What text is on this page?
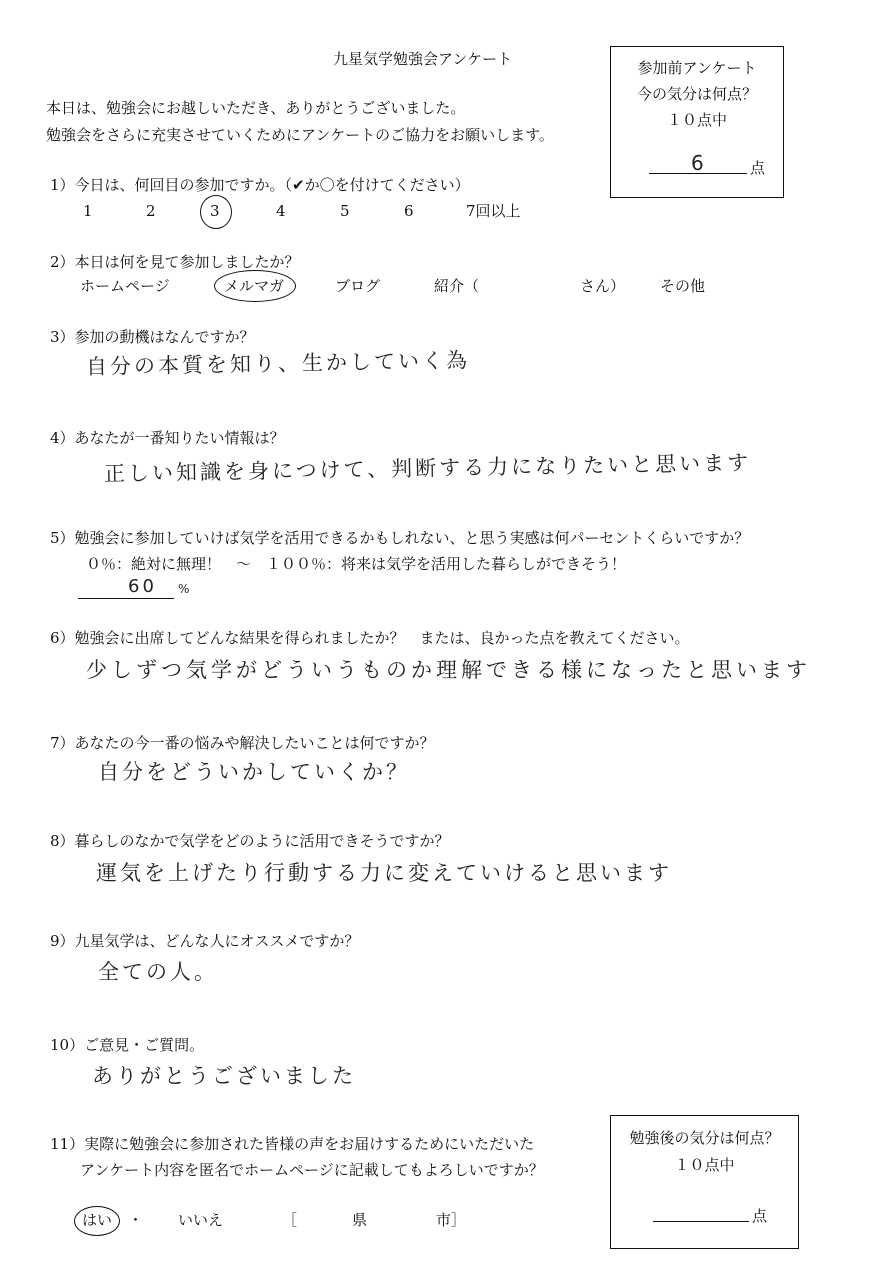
九星気学勉強会アンケート
本日は、勉強会にお越しいただき、ありがとうございました。
勉強会をさらに充実させていくためにアンケートのご協力をお願いします。
参加前アンケート
今の気分は何点？
１０点中
6	点
1）今日は、何回目の参加ですか。（✔か〇を付けてください）
1	2	3	4	5	6	7回以上
2）本日は何を見て参加しましたか？
ホームページ	メルマガ	ブログ	紹介（	さん） その他
3）参加の動機はなんですか？
自分の本質を知り、生かしていく為
4）あなたが一番知りたい情報は？
正しい知識を身につけて、判断する力になりたいと思います
5）勉強会に参加していけば気学を活用できるかもしれない、と思う実感は何パーセントくらいですか？
０％：絶対に無理！　～　１００％：将来は気学を活用した暮らしができそう！
60 %
6）勉強会に出席してどんな結果を得られましたか？　または、良かった点を教えてください。
少しずつ気学がどういうものか理解できる様になったと思います
7）あなたの今一番の悩みや解決したいことは何ですか？
自分をどういかしていくか？
8）暮らしのなかで気学をどのように活用できそうですか？
運気を上げたり行動する力に変えていけると思います
9）九星気学は、どんな人にオススメですか？
全ての人。
10）ご意見・ご質問。
ありがとうございました
11）実際に勉強会に参加された皆様の声をお届けするためにいただいた
アンケート内容を匿名でホームページに記載してもよろしいですか？
はい ・ いいえ	［	県	市］
勉強後の気分は何点？
１０点中
点
